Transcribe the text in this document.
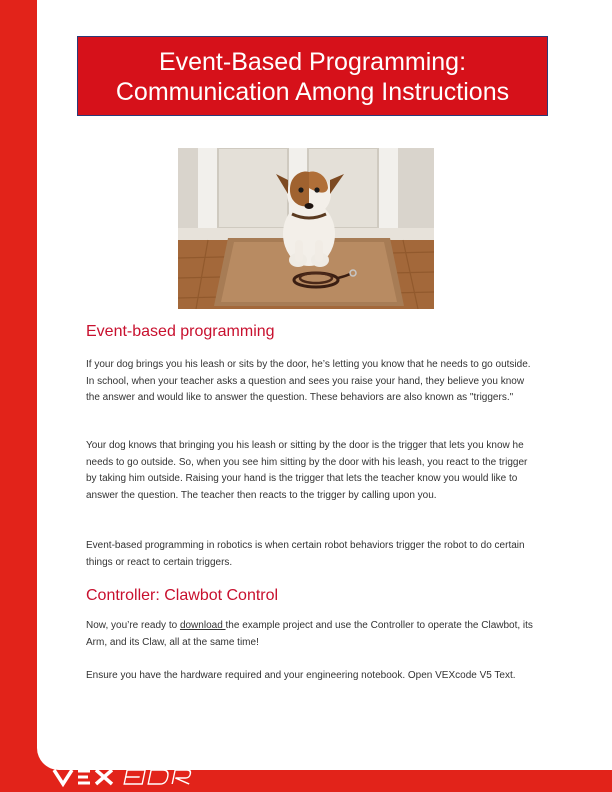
Event-Based Programming:
Communication Among Instructions
Event-based programming

If your dog brings you his leash or sits by the door, he’s letting you know that he needs to go outside. In school, when your teacher asks a question and sees you raise your hand, they believe you know the answer and would like to answer the question. These behaviors are also known as "triggers."

Your dog knows that bringing you his leash or sitting by the door is the trigger that lets you know he needs to go outside. So, when you see him sitting by the door with his leash, you react to the trigger by taking him outside. Raising your hand is the trigger that lets the teacher know you would like to answer the question. The teacher then reacts to the trigger by calling upon you.

Event-based programming in robotics is when certain robot behaviors trigger the robot to do certain things or react to certain triggers.

Controller: Clawbot Control

Now, you’re ready to download the example project and use the Controller to operate the Clawbot, its Arm, and its Claw, all at the same time!

Ensure you have the hardware required and your engineering notebook. Open VEXcode V5 Text.
